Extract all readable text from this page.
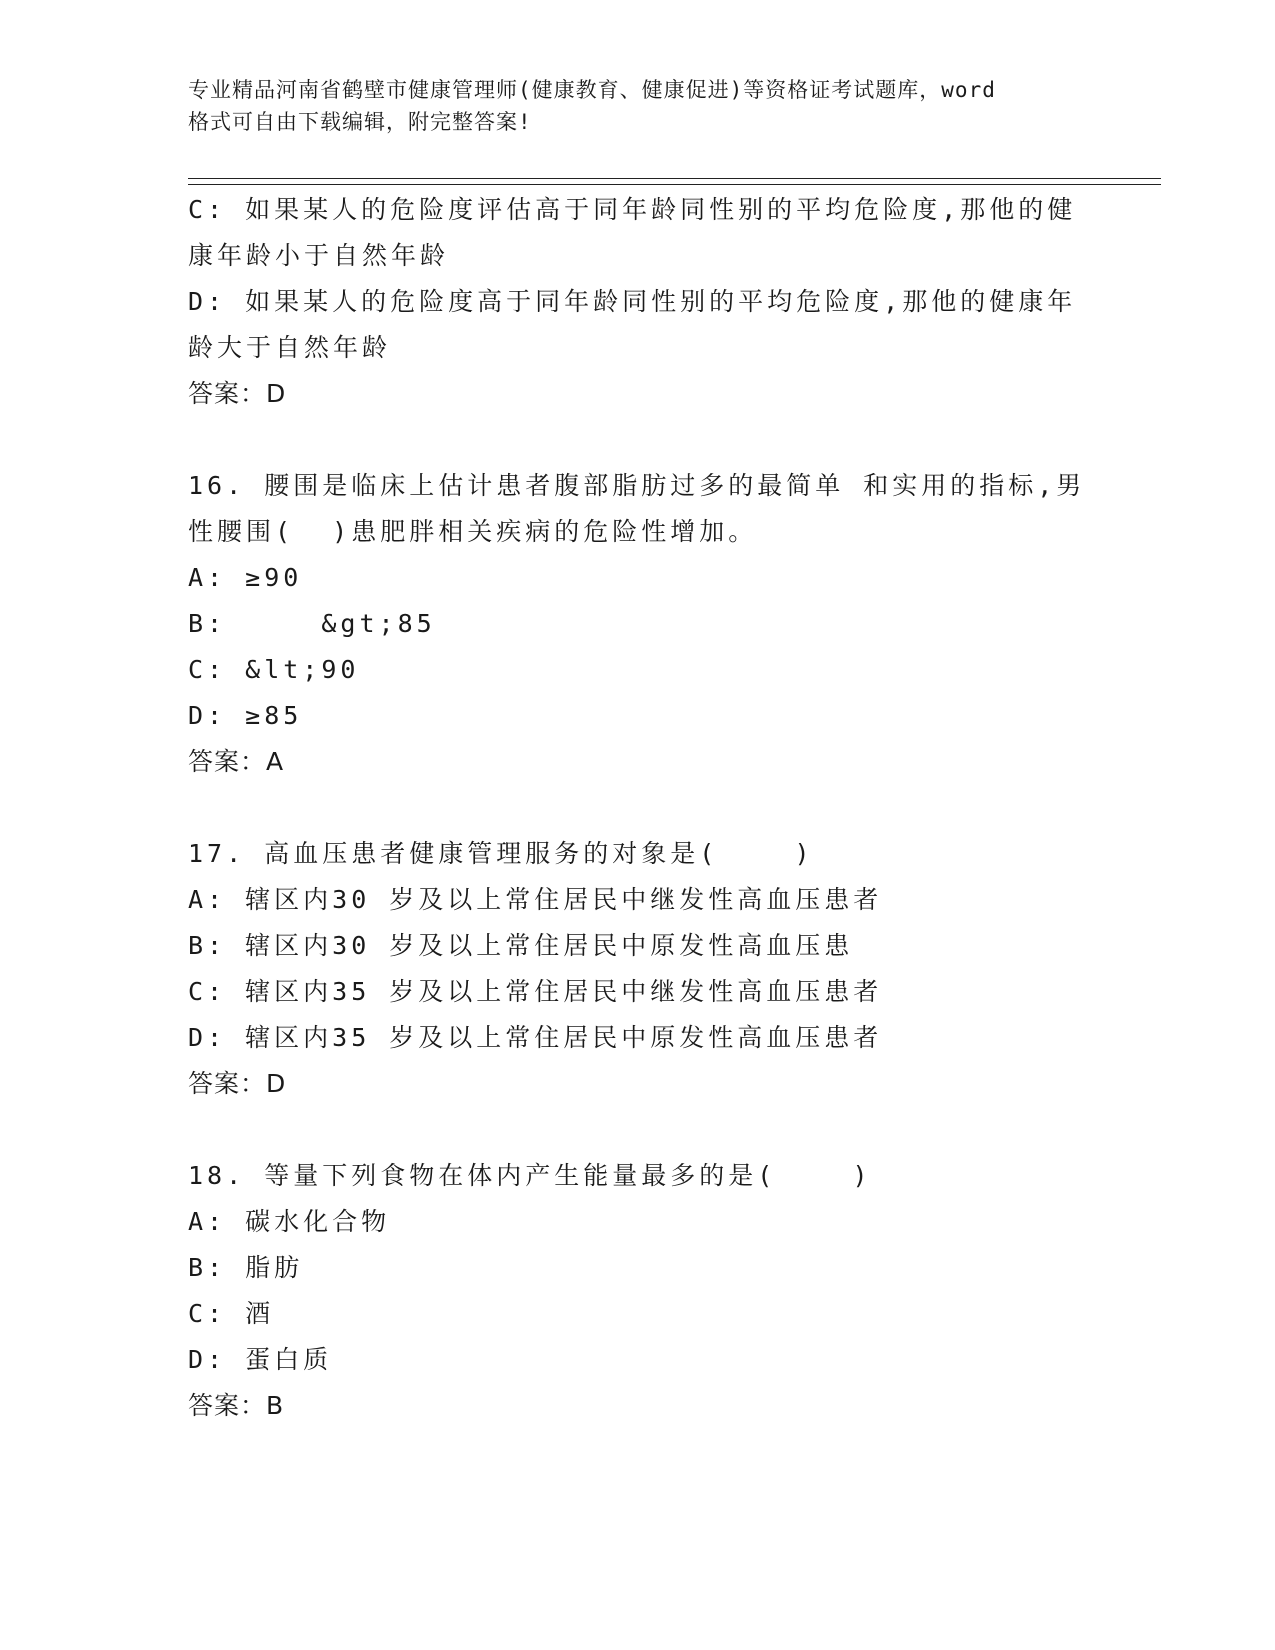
专业精品河南省鹤壁市健康管理师(健康教育、健康促进)等资格证考试题库，word
格式可自由下载编辑，附完整答案!
C: 如果某人的危险度评估高于同年龄同性别的平均危险度,那他的健
康年龄小于自然年龄
D: 如果某人的危险度高于同年龄同性别的平均危险度,那他的健康年
龄大于自然年龄
答案：D
16. 腰围是临床上估计患者腹部脂肪过多的最简单 和实用的指标,男
性腰围(  )患肥胖相关疾病的危险性增加。
A: ≥90
B:     &gt;85
C: &lt;90
D: ≥85
答案：A
17. 高血压患者健康管理服务的对象是(    )
A: 辖区内30 岁及以上常住居民中继发性高血压患者
B: 辖区内30 岁及以上常住居民中原发性高血压患
C: 辖区内35 岁及以上常住居民中继发性高血压患者
D: 辖区内35 岁及以上常住居民中原发性高血压患者
答案：D
18. 等量下列食物在体内产生能量最多的是(    )
A: 碳水化合物
B: 脂肪
C: 酒
D: 蛋白质
答案：B
